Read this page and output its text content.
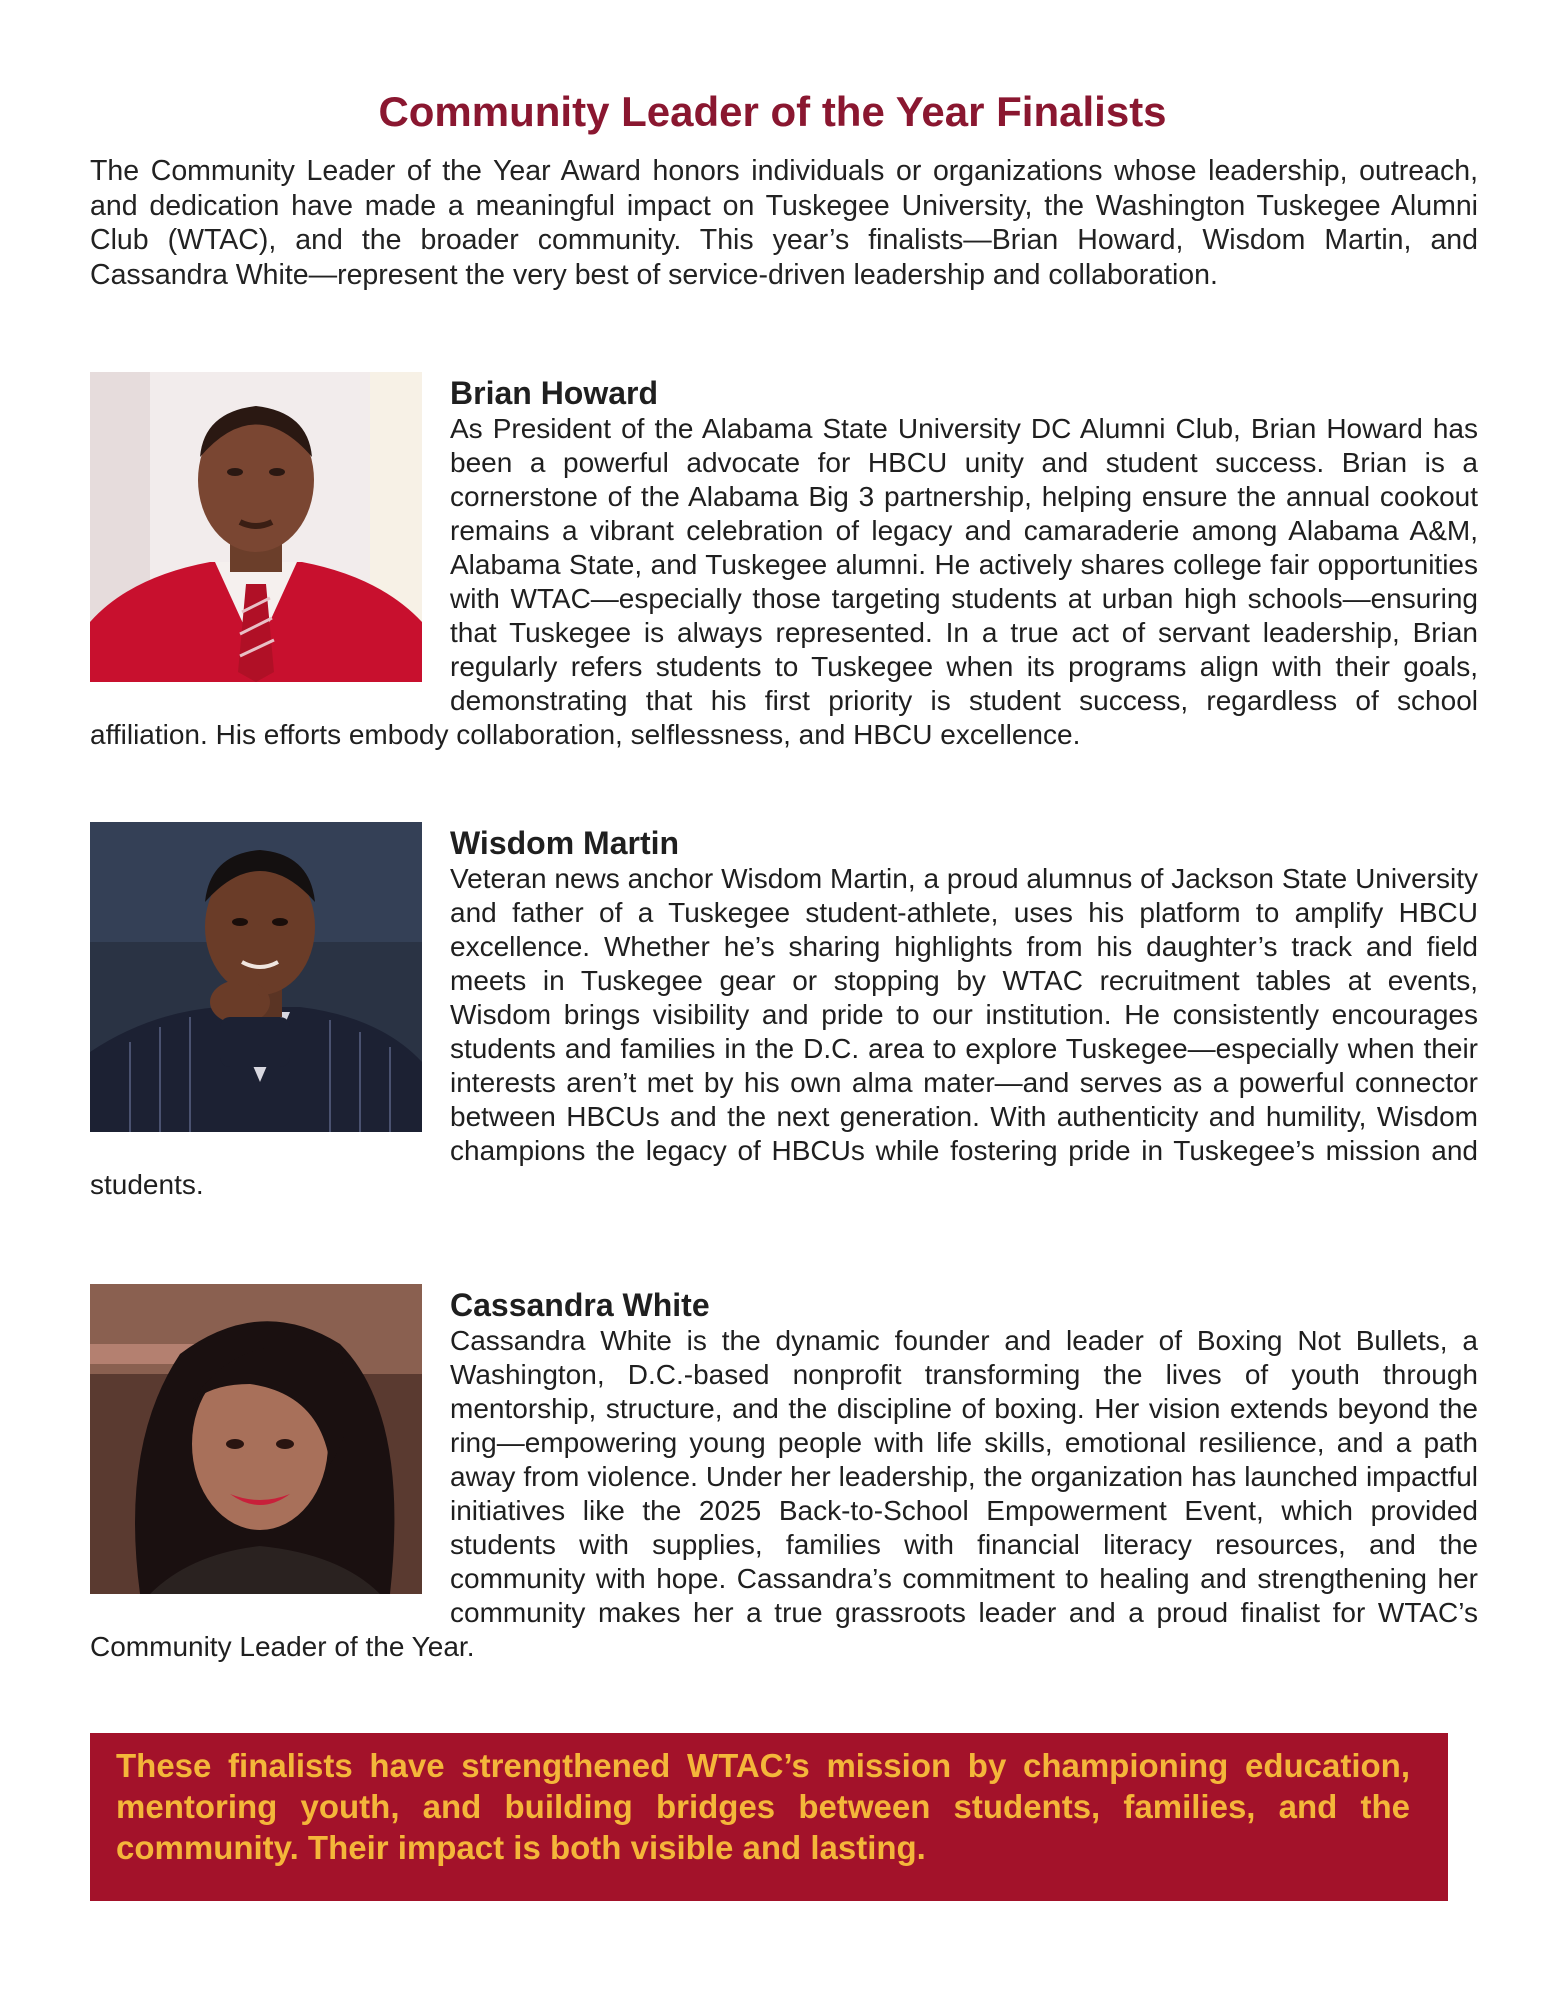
Community Leader of the Year Finalists

The Community Leader of the Year Award honors individuals or organizations whose leadership, outreach, and dedication have made a meaningful impact on Tuskegee University, the Washington Tuskegee Alumni Club (WTAC), and the broader community. This year’s finalists—Brian Howard, Wisdom Martin, and Cassandra White—represent the very best of service-driven leadership and collaboration.

Brian Howard

As President of the Alabama State University DC Alumni Club, Brian Howard has been a powerful advocate for HBCU unity and student success. Brian is a cornerstone of the Alabama Big 3 partnership, helping ensure the annual cookout remains a vibrant celebration of legacy and camaraderie among Alabama A&M, Alabama State, and Tuskegee alumni. He actively shares college fair opportunities with WTAC—especially those targeting students at urban high schools—ensuring that Tuskegee is always represented. In a true act of servant leadership, Brian regularly refers students to Tuskegee when its programs align with their goals, demonstrating that his first priority is student success, regardless of school affiliation. His efforts embody collaboration, selflessness, and HBCU excellence.

Wisdom Martin

Veteran news anchor Wisdom Martin, a proud alumnus of Jackson State University and father of a Tuskegee student-athlete, uses his platform to amplify HBCU excellence. Whether he’s sharing highlights from his daughter’s track and field meets in Tuskegee gear or stopping by WTAC recruitment tables at events, Wisdom brings visibility and pride to our institution. He consistently encourages students and families in the D.C. area to explore Tuskegee—especially when their interests aren’t met by his own alma mater—and serves as a powerful connector between HBCUs and the next generation. With authenticity and humility, Wisdom champions the legacy of HBCUs while fostering pride in Tuskegee’s mission and students.

Cassandra White

Cassandra White is the dynamic founder and leader of Boxing Not Bullets, a Washington, D.C.-based nonprofit transforming the lives of youth through mentorship, structure, and the discipline of boxing. Her vision extends beyond the ring—empowering young people with life skills, emotional resilience, and a path away from violence. Under her leadership, the organization has launched impactful initiatives like the 2025 Back-to-School Empowerment Event, which provided students with supplies, families with financial literacy resources, and the community with hope. Cassandra’s commitment to healing and strengthening her community makes her a true grassroots leader and a proud finalist for WTAC’s Community Leader of the Year.

These finalists have strengthened WTAC’s mission by championing education, mentoring youth, and building bridges between students, families, and the community. Their impact is both visible and lasting.
